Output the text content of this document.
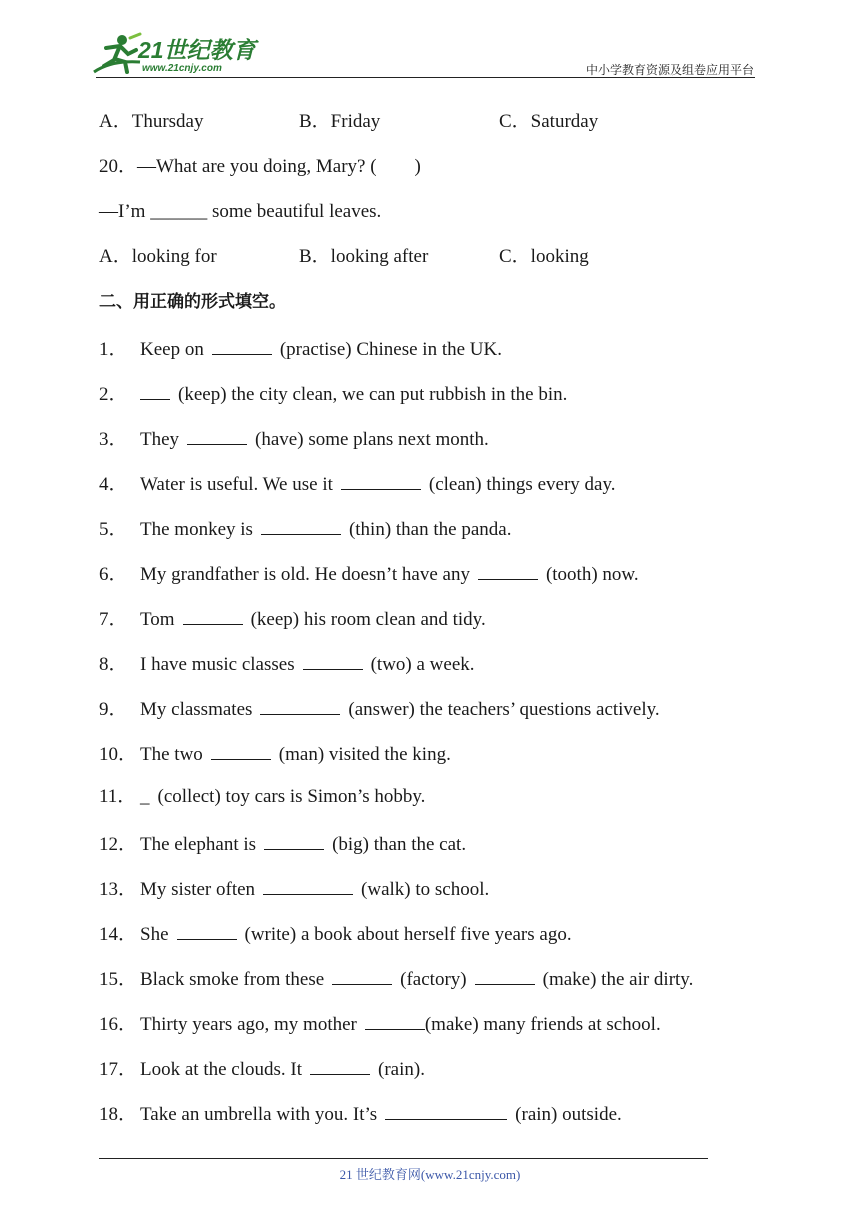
21世纪教育
www.21cnjy.com	中小学教育资源及组卷应用平台
A．Thursday	B．Friday	C．Saturday
20．—What are you doing, Mary? (　　)
—I’m ______ some beautiful leaves.
A．looking for	B．looking after	C．looking
二、用正确的形式填空。
1． Keep on	(practise) Chinese in the UK.
2．	(keep) the city clean, we can put rubbish in the bin.
3． They	(have) some plans next month.
4． Water is useful. We use it	(clean) things every day.
5． The monkey is	(thin) than the panda.
6． My grandfather is old. He doesn’t have any	(tooth) now.
7． Tom	(keep) his room clean and tidy.
8． I have music classes	(two) a week.
9． My classmates	(answer) the teachers’ questions actively.
10． The two	(man) visited the king.
11． _ (collect) toy cars is Simon’s hobby.
12． The elephant is	(big) than the cat.
13． My sister often	(walk) to school.
14． She	(write) a book about herself five years ago.
15． Black smoke from these	(factory)	(make) the air dirty.
16． Thirty years ago, my mother	(make) many friends at school.
17． Look at the clouds. It	(rain).
18． Take an umbrella with you. It’s	(rain) outside.
21 世纪教育网(www.21cnjy.com)
